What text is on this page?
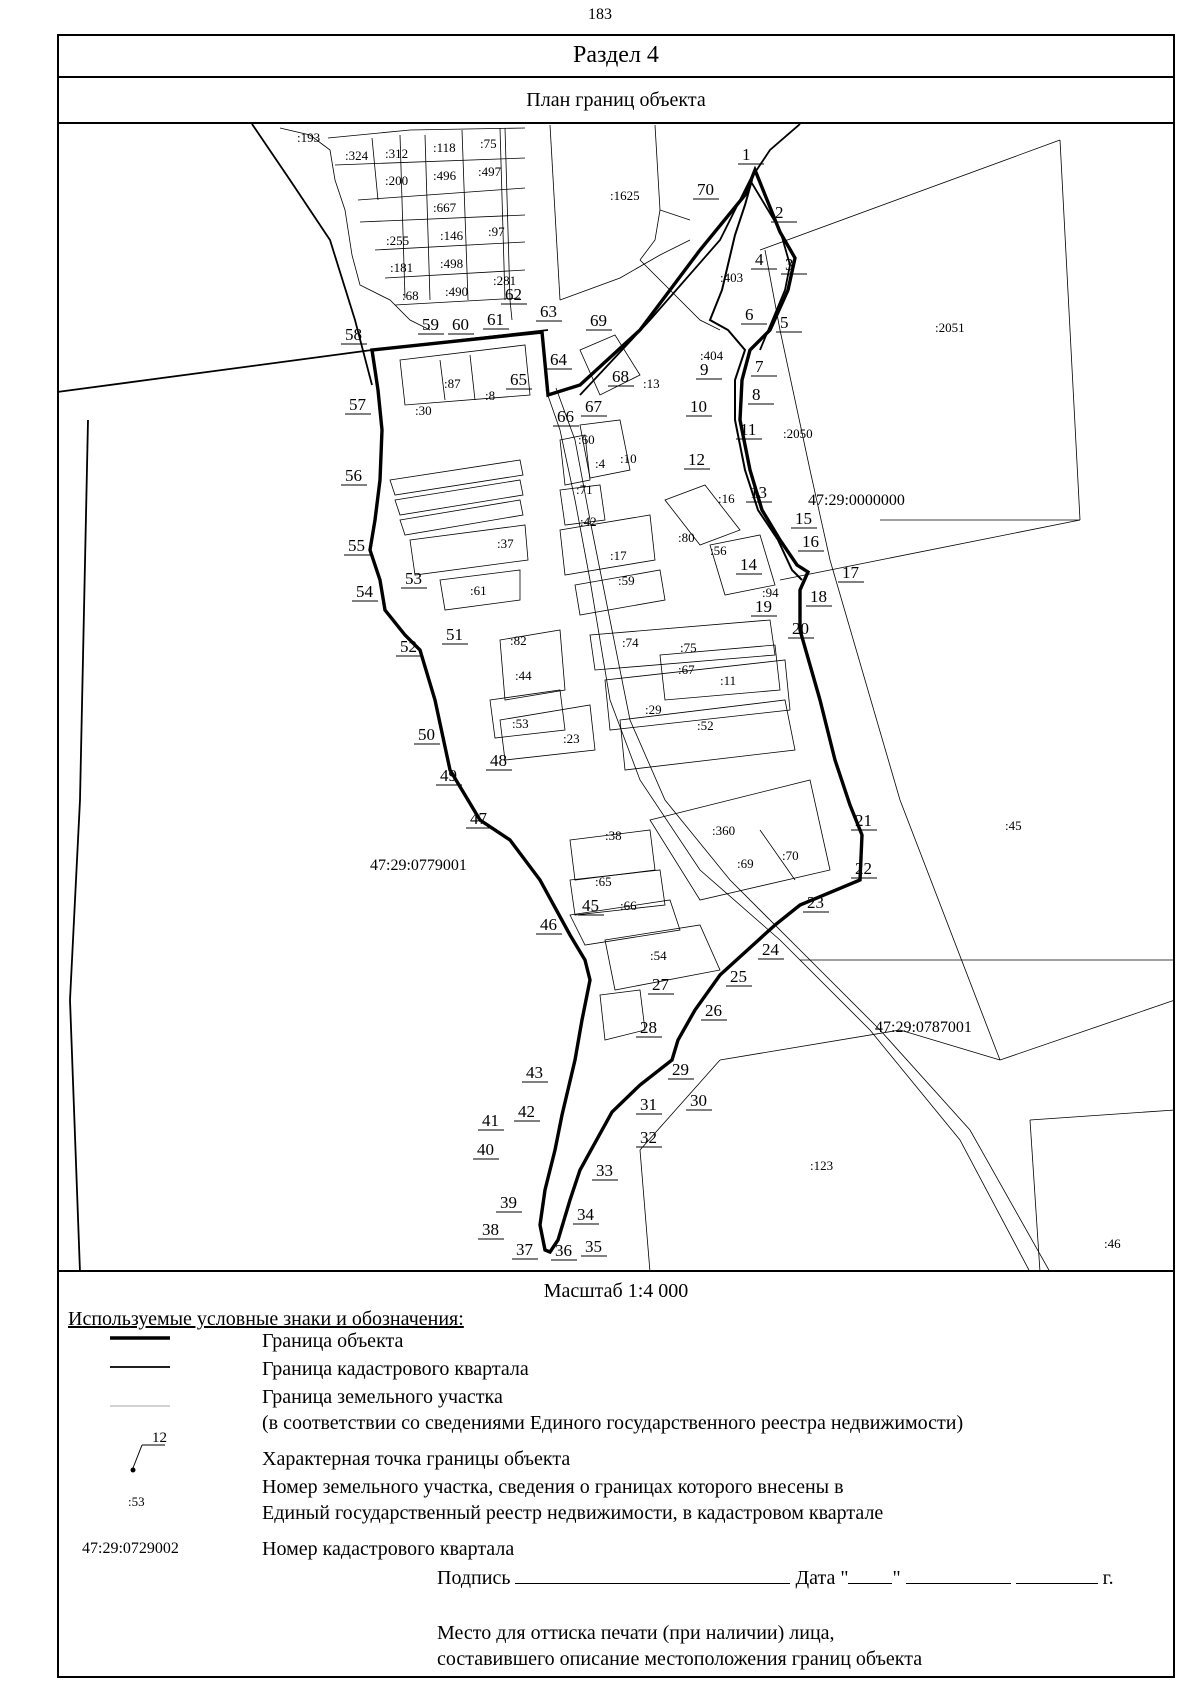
183
Раздел 4
План границ объекта
:193
:324 :312 :118 :75
:200 :496 :497
:1625
:667
:255 :146 :97
:181 :498
:403
:68 :490
:281
:2051
:404
:87	:13
:30
:8
:2050
:60
:4 :10
:71
:16
:42
:80
:56
:37
:17
:59
:61	:94
:82	:74	:75
:44	:67
:11
:29
:53	:52
:23
:360	:45
:38
:69
:70
:65
:66
:54
:123
:46
47:29:0000000
47:29:0779001
47:29:0787001
1
2
3
4
5
6
7
8
9
10
11
12
13
14
15
16
17
18
19
20
21
22
23
24
25
26
27
28
29
30
31
32
33
34
35
36
37
38
39
40
41 42
43
45
46
47
48
49
50
51
52
53
54
55
56
57
58
59 60 61
62
63
64
65
66
67
68
69
70
Масштаб 1:4 000
Используемые условные знаки и обозначения:
12
:53
47:29:0729002
Граница объекта
Граница кадастрового квартала
Граница земельного участка
(в соответствии со сведениями Единого государственного реестра недвижимости)
Характерная точка границы объекта
Номер земельного участка, сведения о границах которого внесены в
Единый государственный реестр недвижимости, в кадастровом квартале
Номер кадастрового квартала
Подпись	Дата " "	г.
Место для оттиска печати (при наличии) лица,
составившего описание местоположения границ объекта
